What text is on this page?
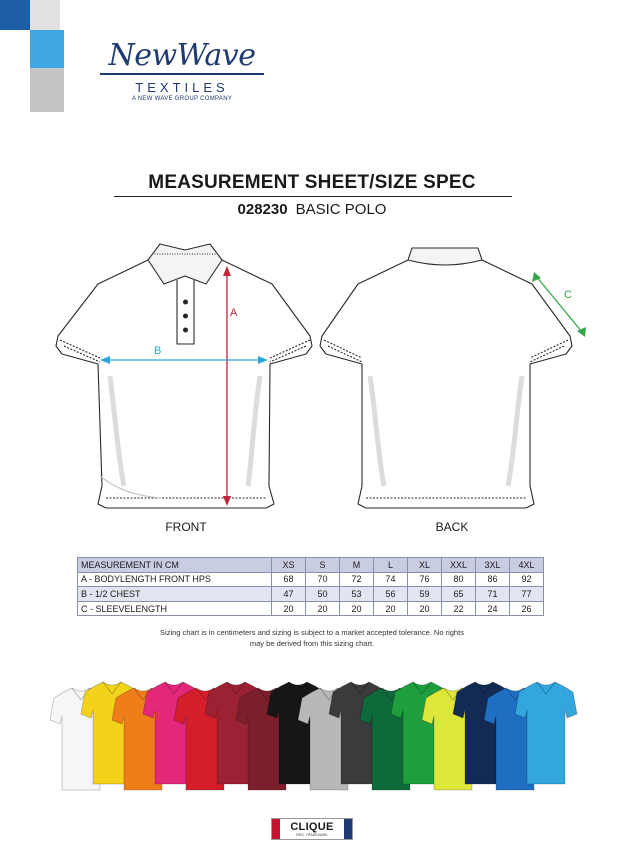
NewWave
TEXTILES
A NEW WAVE GROUP COMPANY
MEASUREMENT SHEET/SIZE SPEC
028230 BASIC POLO
A
B
C
FRONT	BACK
MEASUREMENT IN CM	XS	S	M	L	XL	XXL	3XL	4XL
A - BODYLENGTH FRONT HPS	68	70	72	74	76	80	86	92
B - 1/2 CHEST	47	50	53	56	59	65	71	77
C - SLEEVELENGTH	20	20	20	20	20	22	24	26
Sizing chart is in centimeters and sizing is subject to a market accepted tolerance. No rights
may be derived from this sizing chart.
CLIQUE
REG. TRADEMARK
